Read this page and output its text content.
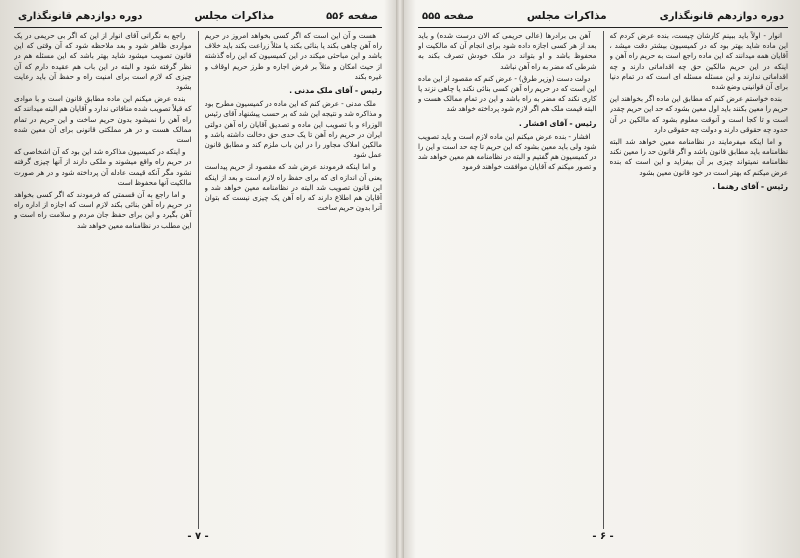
صفحه ۵۵۶
مذاکرات مجلس
دوره دوازدهم قانونگذاری

هست و آن این است که اگر کسی بخواهد امروز در حریم راه آهن چاهی بکند یا بنائی بکند یا مثلاً زراعت بکند باید خلاف باشد و این مباحثی میکند در این کمیسیون که این راه گذشته از حیث امکان و مثلاً بر فرض اجاره و طرز حریم اوقاف و غیره بکند

رئیس - آقای ملک مدنی .

ملک مدنی - عرض کنم که این ماده در کمیسیون مطرح بود و مذاکره شد و نتیجه این شد که بر حسب پیشنهاد آقای رئیس الوزراء و با تصویب این ماده و تصدیق آقایان راه آهن دولتی ایران در حریم راه آهن تا یک حدی حق دخالت داشته باشد و مالکین املاک مجاور را در این باب ملزم کند و مطابق قانون عمل شود

و اما اینکه فرمودند عرض شد که مقصود از حریم پیداست یعنی آن اندازه ای که برای حفظ راه لازم است و بعد از اینکه این قانون تصویب شد البته در نظامنامه معین خواهد شد و آقایان هم اطلاع دارند که راه آهن یک چیزی نیست که بتوان آنرا بدون حریم ساخت

راجع به نگرانی آقای انوار از این که اگر بی حریمی در یک مواردی ظاهر شود و بعد ملاحظه شود که آن وقتی که این قانون تصویب میشود شاید بهتر باشد که این مسئله هم در نظر گرفته شود و البته در این باب هم عقیده دارم که آن چیزی که لازم است برای امنیت راه و حفظ آن باید رعایت بشود

بنده عرض میکنم این ماده مطابق قانون است و با موادی که قبلاً تصویب شده منافاتی ندارد و آقایان هم البته میدانند که راه آهن را نمیشود بدون حریم ساخت و این حریم در تمام ممالک هست و در هر مملکتی قانونی برای آن معین شده است

و اینکه در کمیسیون مذاکره شد این بود که آن اشخاصی که در حریم راه واقع میشوند و ملکی دارند از آنها چیزی گرفته نشود مگر آنکه قیمت عادله آن پرداخته شود و در هر صورت مالکیت آنها محفوظ است

و اما راجع به آن قسمتی که فرمودند که اگر کسی بخواهد در حریم راه آهن بنائی بکند لازم است که اجازه از اداره راه آهن بگیرد و این برای حفظ جان مردم و سلامت راه است و این مطلب در نظامنامه معین خواهد شد

- ۷ -
دوره دوازدهم قانونگذاری
مذاکرات مجلس
صفحه ۵۵۵

انوار - اولاً باید ببینم کارشان چیست، بنده عرض کردم که این ماده شاید بهتر بود که در کمیسیون بیشتر دقت میشد ، آقایان همه میدانند که این ماده راجع است به حریم راه آهن و اینکه در این حریم مالکین حق چه اقداماتی دارند و چه اقداماتی ندارند و این مسئله مسئله ای است که در تمام دنیا برای آن قوانینی وضع شده

بنده خواستم عرض کنم که مطابق این ماده اگر بخواهند این حریم را معین بکنند باید اول معین بشود که حد این حریم چقدر است و تا کجا است و آنوقت معلوم بشود که مالکین در آن حدود چه حقوقی دارند و دولت چه حقوقی دارد

و اما اینکه میفرمایند در نظامنامه معین خواهد شد البته نظامنامه باید مطابق قانون باشد و اگر قانون حد را معین نکند نظامنامه نمیتواند چیزی بر آن بیفزاید و این است که بنده عرض میکنم که بهتر است در خود قانون معین بشود

رئیس - آقای رهنما .

آهن بی برادرها (عالی حریمی که الان درست شده) و باید بعد از هر کسی اجازه داده شود برای انجام آن که مالکیت او محفوظ باشد و او بتواند در ملک خودش تصرف بکند به شرطی که مضر به راه آهن نباشد

دولت دست (وزیر طرق) - عرض کنم که مقصود از این ماده این است که در حریم راه آهن کسی بنائی نکند یا چاهی نزند یا کاری نکند که مضر به راه باشد و این در تمام ممالک هست و البته قیمت ملک هم اگر لازم شود پرداخته خواهد شد

رئیس - آقای افشار .

افشار - بنده عرض میکنم این ماده لازم است و باید تصویب شود ولی باید معین بشود که این حریم تا چه حد است و این را در کمیسیون هم گفتیم و البته در نظامنامه هم معین خواهد شد و تصور میکنم که آقایان موافقت خواهند فرمود

- ۶ -
